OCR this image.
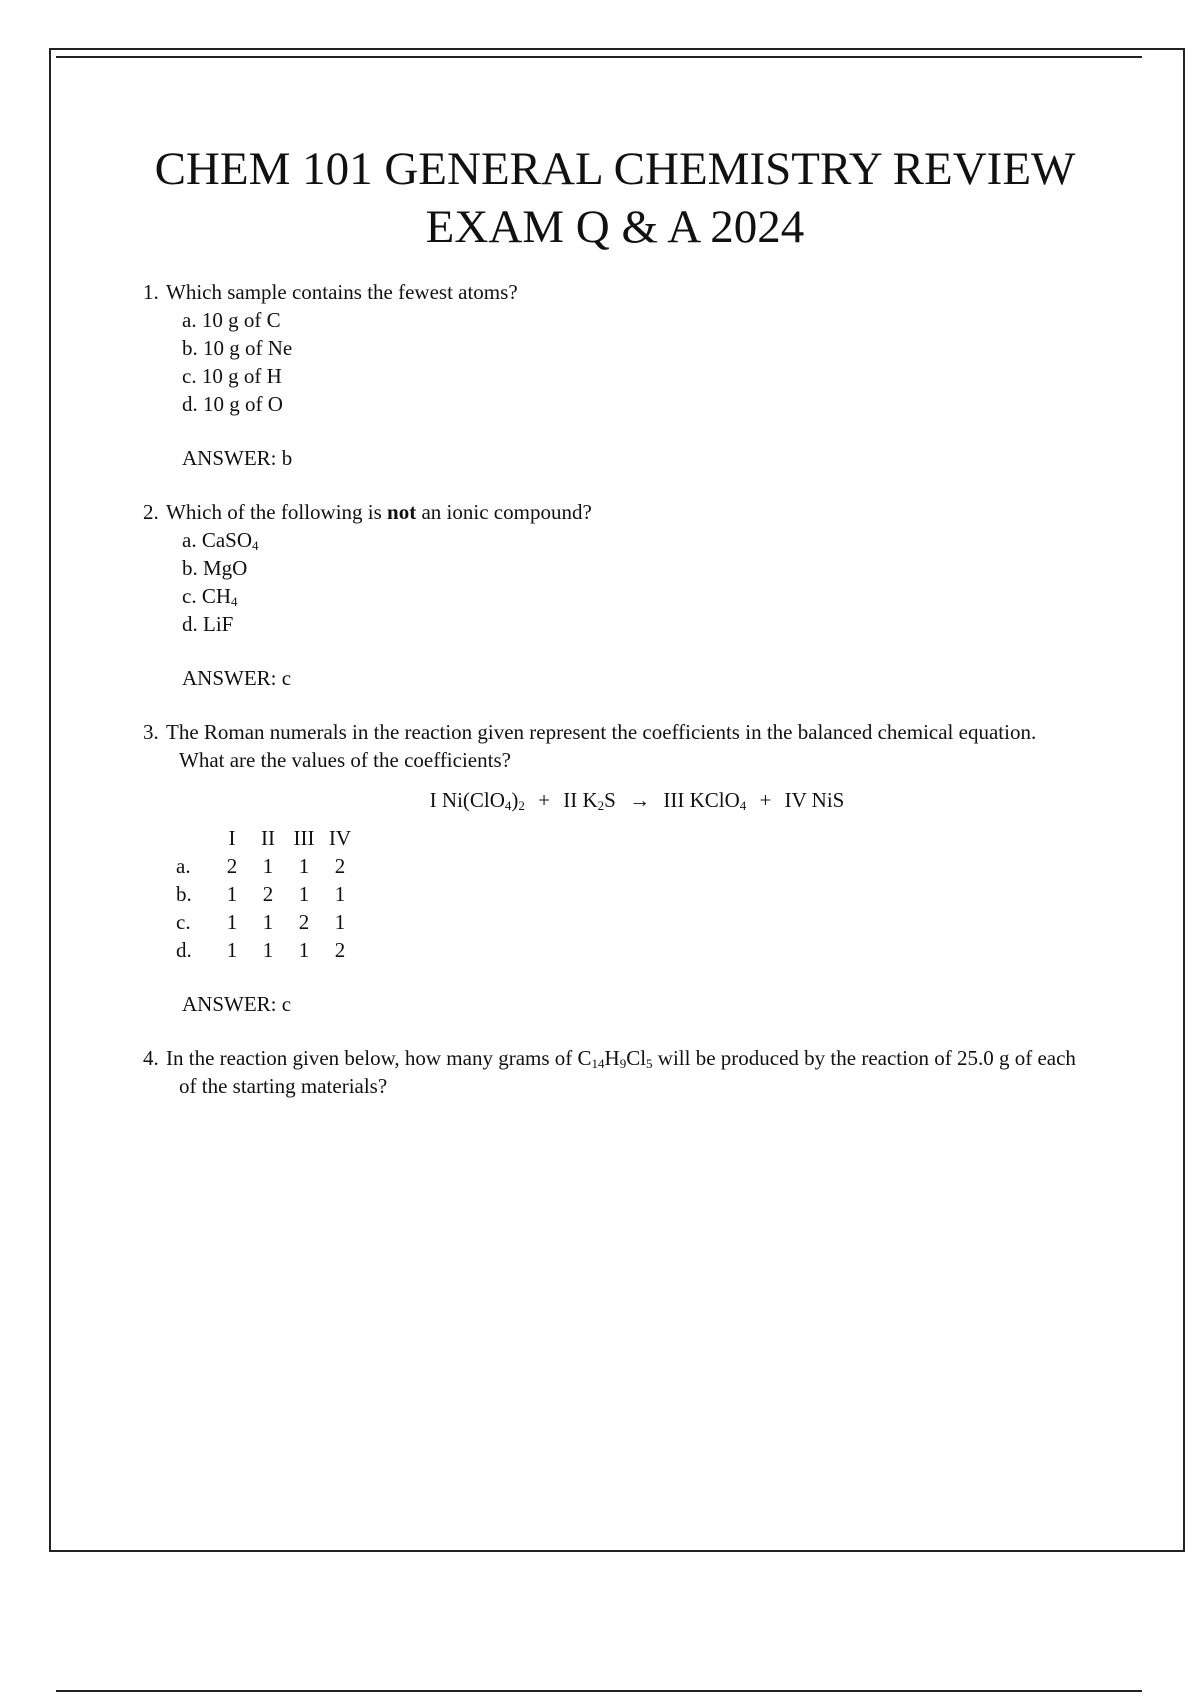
CHEM 101 GENERAL CHEMISTRY REVIEW
EXAM Q & A 2024
1. Which sample contains the fewest atoms?
a. 10 g of C
b. 10 g of Ne
c. 10 g of H
d. 10 g of O
ANSWER: b
2. Which of the following is not an ionic compound?
a. CaSO$_4$
b. MgO
c. $CH_4$
d. LiF
ANSWER: c
3. The Roman numerals in the reaction given represent the coefficients in the balanced chemical equation. What are the values of the coefficients?
I $Ni(ClO_4)_2$ + II $K_2S$ → III KClO$_4$ + IV NiS
	I	II	III	IV
a.	2	1	1	2
b.	1	2	1	1
c.	1	1	2	1
d.	1	1	1	2
ANSWER: c
4. In the reaction given below, how many grams of $C_{14}H_9Cl_5$ will be produced by the reaction of 25.0 g of each of the starting materials?
